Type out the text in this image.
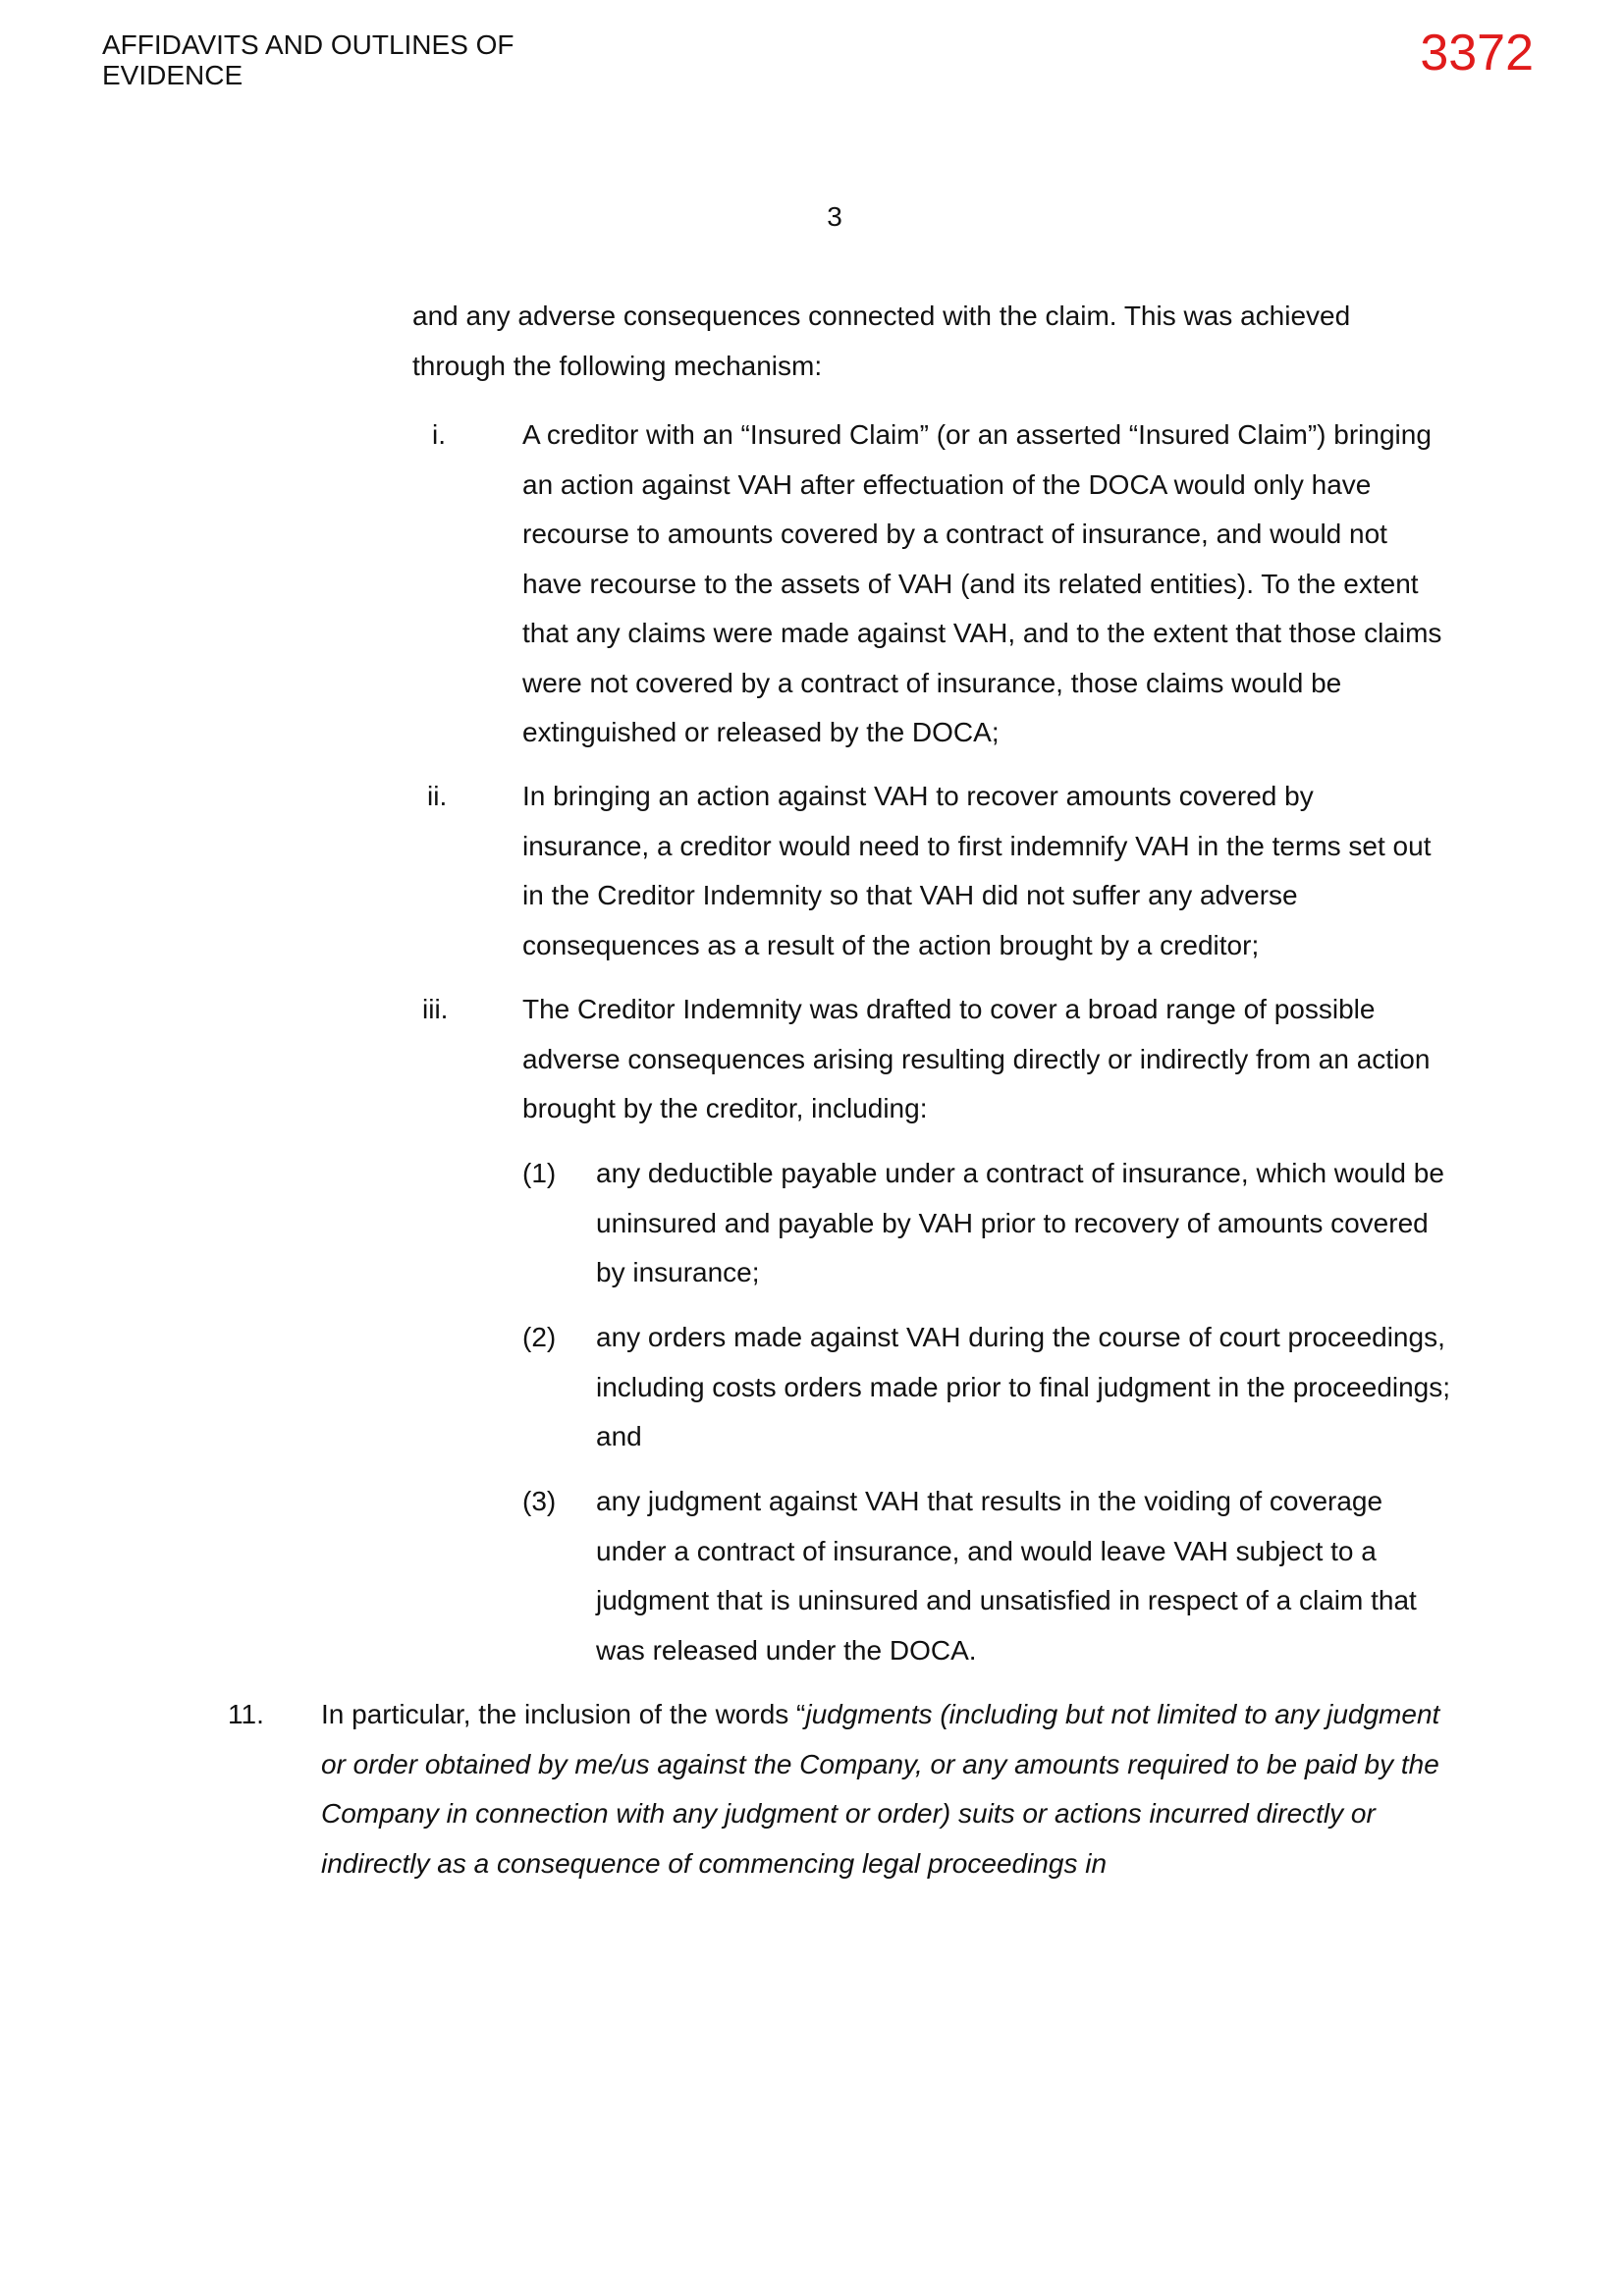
AFFIDAVITS AND OUTLINES OF
EVIDENCE	3372
3
and any adverse consequences connected with the claim. This was achieved through the following mechanism:
i.	A creditor with an “Insured Claim” (or an asserted “Insured Claim”) bringing an action against VAH after effectuation of the DOCA would only have recourse to amounts covered by a contract of insurance, and would not have recourse to the assets of VAH (and its related entities). To the extent that any claims were made against VAH, and to the extent that those claims were not covered by a contract of insurance, those claims would be extinguished or released by the DOCA;
ii.	In bringing an action against VAH to recover amounts covered by insurance, a creditor would need to first indemnify VAH in the terms set out in the Creditor Indemnity so that VAH did not suffer any adverse consequences as a result of the action brought by a creditor;
iii.	The Creditor Indemnity was drafted to cover a broad range of possible adverse consequences arising resulting directly or indirectly from an action brought by the creditor, including:
(1) any deductible payable under a contract of insurance, which would be uninsured and payable by VAH prior to recovery of amounts covered by insurance;
(2) any orders made against VAH during the course of court proceedings, including costs orders made prior to final judgment in the proceedings; and
(3) any judgment against VAH that results in the voiding of coverage under a contract of insurance, and would leave VAH subject to a judgment that is uninsured and unsatisfied in respect of a claim that was released under the DOCA.
11. In particular, the inclusion of the words “judgments (including but not limited to any judgment or order obtained by me/us against the Company, or any amounts required to be paid by the Company in connection with any judgment or order) suits or actions incurred directly or indirectly as a consequence of commencing legal proceedings in
